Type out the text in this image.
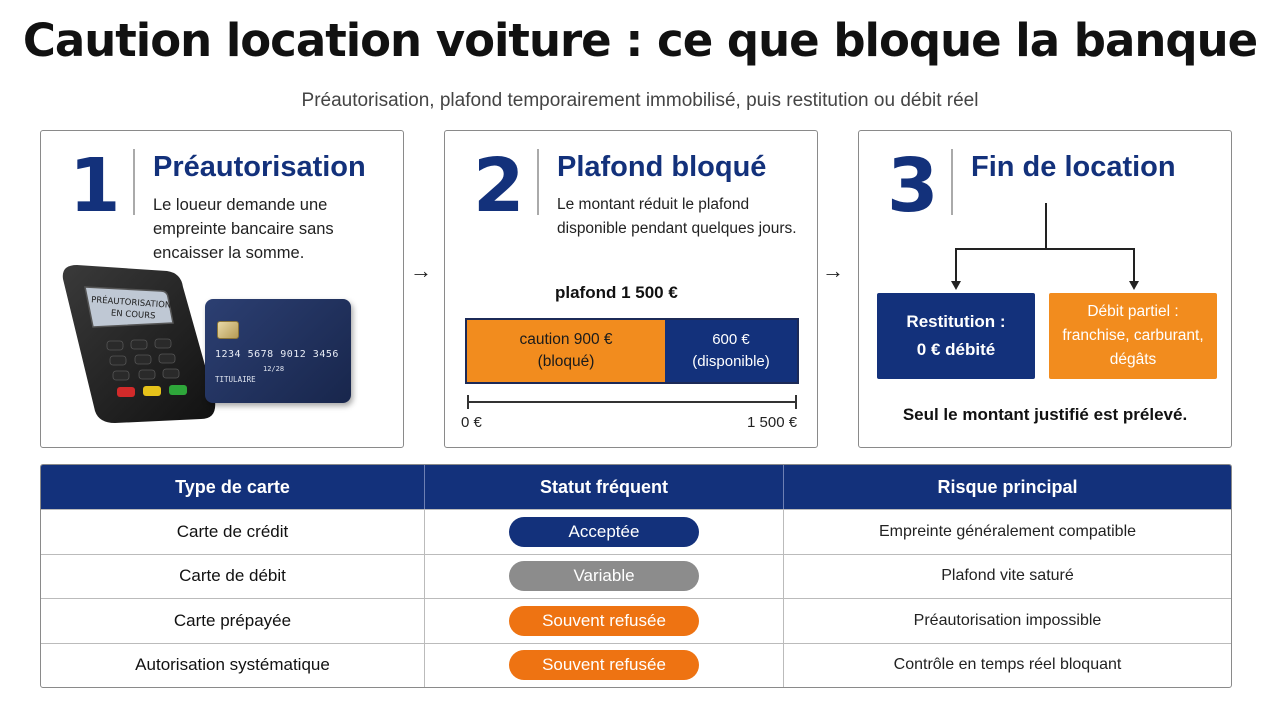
Caution location voiture : ce que bloque la banque
Préautorisation, plafond temporairement immobilisé, puis restitution ou débit réel
1 Préautorisation
Le loueur demande une empreinte bancaire sans encaisser la somme.
PRÉAUTORISATION
EN COURS
1234 5678 9012 3456
12/28
TITULAIRE
→
2 Plafond bloqué
Le montant réduit le plafond disponible pendant quelques jours.
plafond 1 500 €
caution 900 €
(bloqué)
600 €
(disponible)
0 €	1 500 €
→
3 Fin de location
Restitution :
0 € débité
Débit partiel :
franchise, carburant,
dégâts
Seul le montant justifié est prélevé.
Type de carte	Statut fréquent	Risque principal
Carte de crédit	Acceptée	Empreinte généralement compatible
Carte de débit	Variable	Plafond vite saturé
Carte prépayée	Souvent refusée	Préautorisation impossible
Autorisation systématique	Souvent refusée	Contrôle en temps réel bloquant
